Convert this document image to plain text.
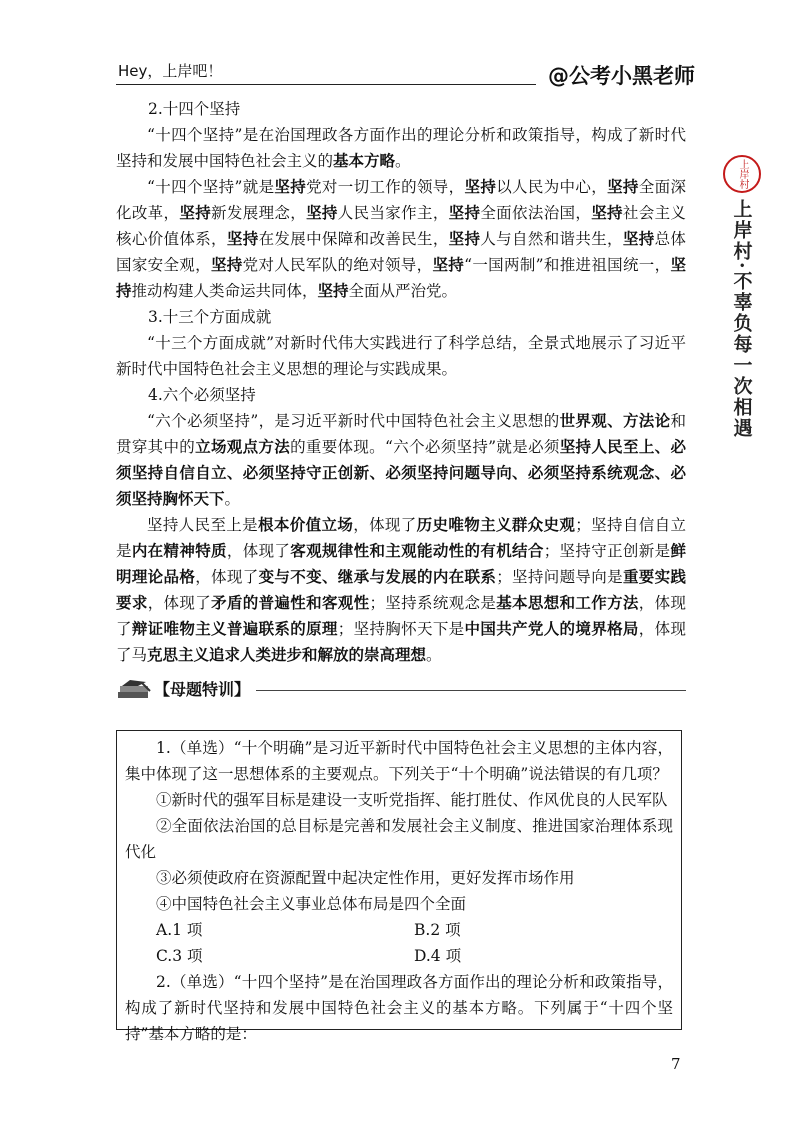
Hey，上岸吧！	@公考小黑老师
上岸村
上岸村·不辜负每一次相遇

2.十四个坚持

“十四个坚持”是在治国理政各方面作出的理论分析和政策指导，构成了新时代坚持和发展中国特色社会主义的基本方略。

“十四个坚持”就是坚持党对一切工作的领导，坚持以人民为中心，坚持全面深化改革，坚持新发展理念，坚持人民当家作主，坚持全面依法治国，坚持社会主义核心价值体系，坚持在发展中保障和改善民生，坚持人与自然和谐共生，坚持总体国家安全观，坚持党对人民军队的绝对领导，坚持“一国两制”和推进祖国统一，坚持推动构建人类命运共同体，坚持全面从严治党。

3.十三个方面成就

“十三个方面成就”对新时代伟大实践进行了科学总结，全景式地展示了习近平新时代中国特色社会主义思想的理论与实践成果。

4.六个必须坚持

“六个必须坚持”，是习近平新时代中国特色社会主义思想的世界观、方法论和贯穿其中的立场观点方法的重要体现。“六个必须坚持”就是必须坚持人民至上、必须坚持自信自立、必须坚持守正创新、必须坚持问题导向、必须坚持系统观念、必须坚持胸怀天下。

坚持人民至上是根本价值立场，体现了历史唯物主义群众史观；坚持自信自立是内在精神特质，体现了客观规律性和主观能动性的有机结合；坚持守正创新是鲜明理论品格，体现了变与不变、继承与发展的内在联系；坚持问题导向是重要实践要求，体现了矛盾的普遍性和客观性；坚持系统观念是基本思想和工作方法，体现了辩证唯物主义普遍联系的原理；坚持胸怀天下是中国共产党人的境界格局，体现了马克思主义追求人类进步和解放的崇高理想。

【母题特训】

1.（单选）“十个明确”是习近平新时代中国特色社会主义思想的主体内容，集中体现了这一思想体系的主要观点。下列关于“十个明确”说法错误的有几项？

①新时代的强军目标是建设一支听党指挥、能打胜仗、作风优良的人民军队

②全面依法治国的总目标是完善和发展社会主义制度、推进国家治理体系现代化

③必须使政府在资源配置中起决定性作用，更好发挥市场作用

④中国特色社会主义事业总体布局是四个全面

A.1 项	B.2 项
C.3 项	D.4 项

2.（单选）“十四个坚持”是在治国理政各方面作出的理论分析和政策指导，构成了新时代坚持和发展中国特色社会主义的基本方略。下列属于“十四个坚持”基本方略的是：

7
